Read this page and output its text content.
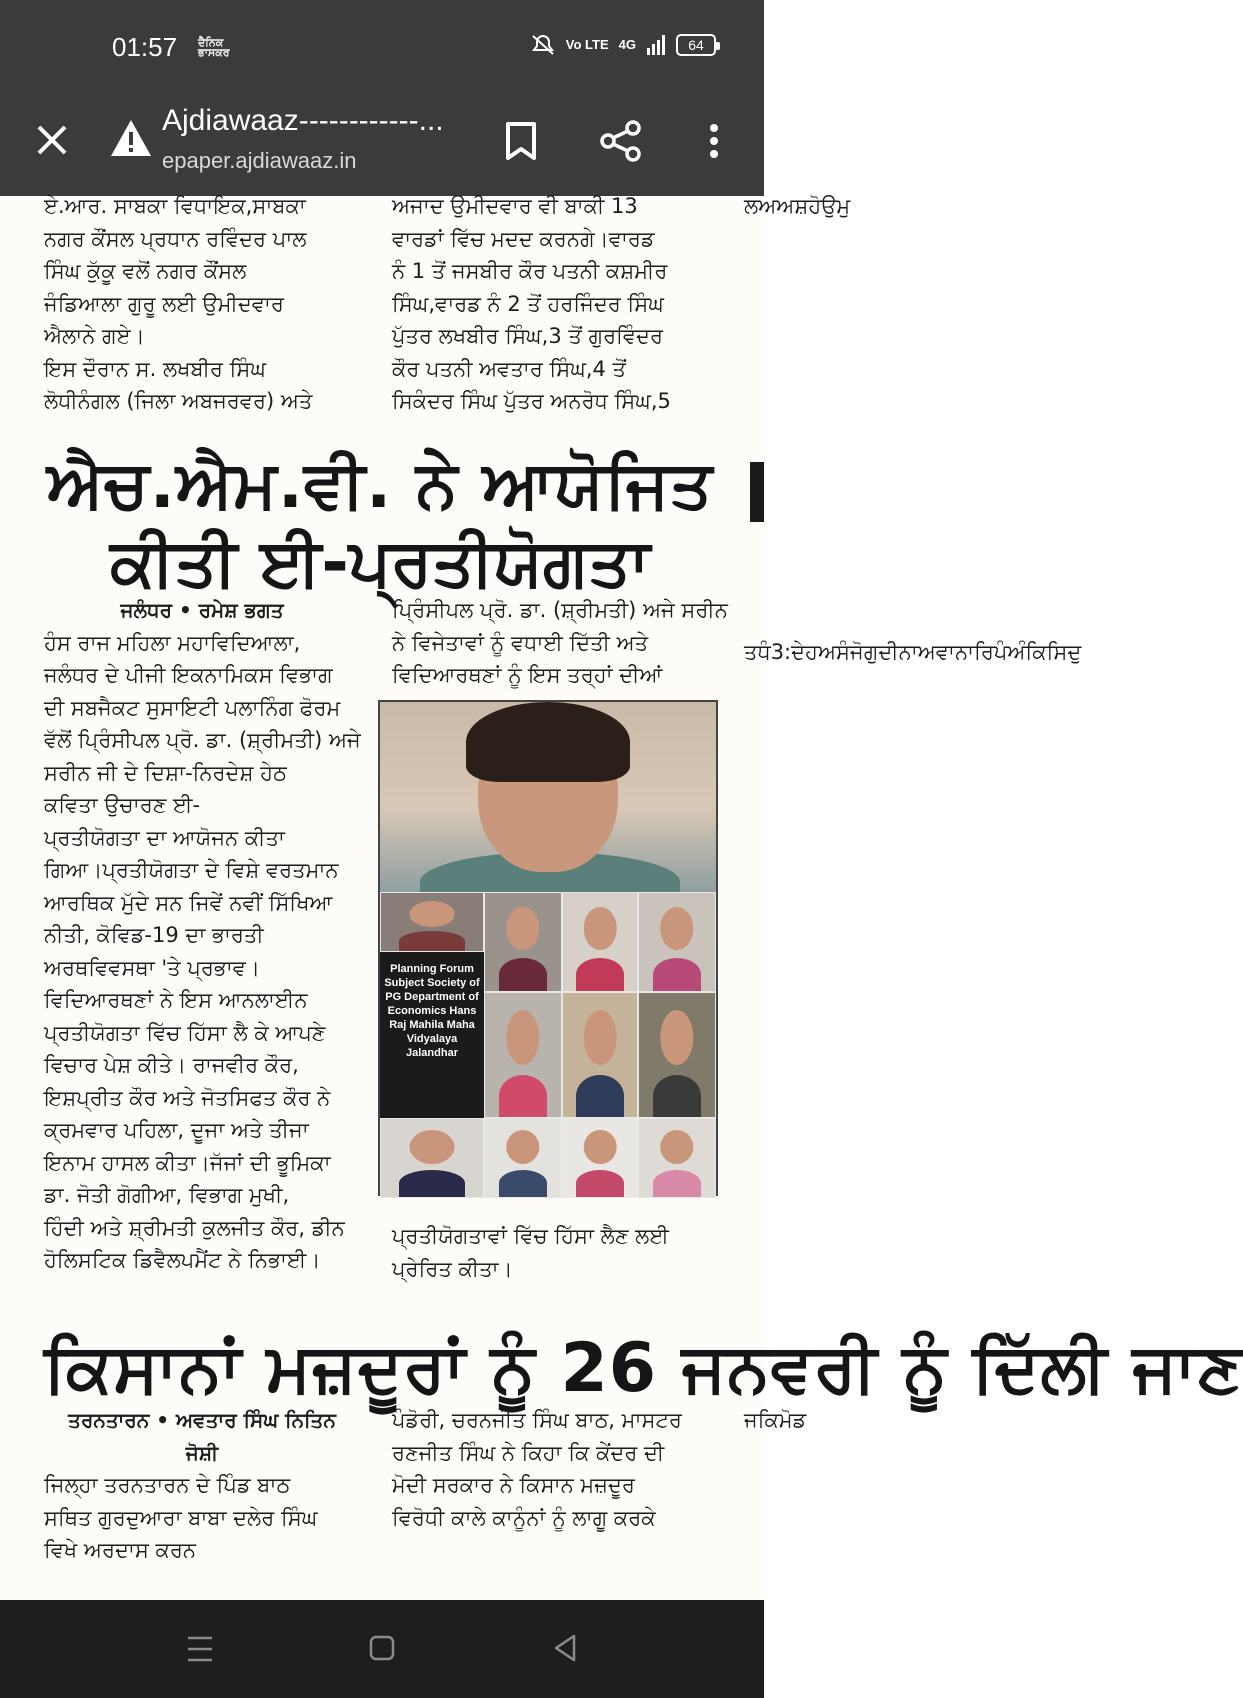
01:57 ਦੈਨਿਕ ਭਾਸਕਰ
Vo LTE 4G	64
Ajdiawaaz------------...
epaper.ajdiawaaz.in
ਏ.ਆਰ. ਸਾਬਕਾ ਵਿਧਾਇਕ,ਸਾਬਕਾ
ਨਗਰ ਕੌਂਸਲ ਪ੍ਰਧਾਨ ਰਵਿੰਦਰ ਪਾਲ
ਸਿੰਘ ਕੁੱਕੂ ਵਲੋਂ ਨਗਰ ਕੌਂਸਲ
ਜੰਡਿਆਲਾ ਗੁਰੂ ਲਈ ਉਮੀਦਵਾਰ
ਐਲਾਨੇ ਗਏ।
ਇਸ ਦੌਰਾਨ ਸ. ਲਖਬੀਰ ਸਿੰਘ
ਲੋਧੀਨੰਗਲ (ਜਿਲਾ ਅਬਜਰਵਰ) ਅਤੇ
ਅਜਾਦ ਉਮੀਦਵਾਰ ਵੀ ਬਾਕੀ 13
ਵਾਰਡਾਂ ਵਿੱਚ ਮਦਦ ਕਰਨਗੇ।ਵਾਰਡ
ਨੰ 1 ਤੋਂ ਜਸਬੀਰ ਕੌਰ ਪਤਨੀ ਕਸ਼ਮੀਰ
ਸਿੰਘ,ਵਾਰਡ ਨੰ 2 ਤੋਂ ਹਰਜਿੰਦਰ ਸਿੰਘ
ਪੁੱਤਰ ਲਖਬੀਰ ਸਿੰਘ,3 ਤੋਂ ਗੁਰਵਿੰਦਰ
ਕੌਰ ਪਤਨੀ ਅਵਤਾਰ ਸਿੰਘ,4 ਤੋਂ
ਸਿਕੰਦਰ ਸਿੰਘ ਪੁੱਤਰ ਅਨਰੋਧ ਸਿੰਘ,5
ਲਅਅਸ਼ਹੋਉਮੁ
ਐਚ.ਐਮ.ਵੀ. ਨੇ ਆਯੋਜਿਤ
ਕੀਤੀ ਈ-ਪ੍ਰਤੀਯੋਗਤਾ
ਜਲੰਧਰ • ਰਮੇਸ਼ ਭਗਤ
ਹੰਸ ਰਾਜ ਮਹਿਲਾ ਮਹਾਵਿਦਿਆਲਾ,
ਜਲੰਧਰ ਦੇ ਪੀਜੀ ਇਕਨਾਮਿਕਸ ਵਿਭਾਗ
ਦੀ ਸਬਜੈਕਟ ਸੁਸਾਇਟੀ ਪਲਾਨਿੰਗ ਫੋਰਮ
ਵੱਲੋਂ ਪ੍ਰਿੰਸੀਪਲ ਪ੍ਰੋ. ਡਾ. (ਸ਼੍ਰੀਮਤੀ) ਅਜੇ
ਸਰੀਨ ਜੀ ਦੇ ਦਿਸ਼ਾ-ਨਿਰਦੇਸ਼ ਹੇਠ
ਕਵਿਤਾ ਉਚਾਰਣ ਈ-
ਪ੍ਰਤੀਯੋਗਤਾ ਦਾ ਆਯੋਜਨ ਕੀਤਾ
ਗਿਆ।ਪ੍ਰਤੀਯੋਗਤਾ ਦੇ ਵਿਸ਼ੇ ਵਰਤਮਾਨ
ਆਰਥਿਕ ਮੁੱਦੇ ਸਨ ਜਿਵੇਂ ਨਵੀਂ ਸਿੱਖਿਆ
ਨੀਤੀ, ਕੋਵਿਡ-19 ਦਾ ਭਾਰਤੀ
ਅਰਥਵਿਵਸਥਾ 'ਤੇ ਪ੍ਰਭਾਵ।
ਵਿਦਿਆਰਥਣਾਂ ਨੇ ਇਸ ਆਨਲਾਈਨ
ਪ੍ਰਤੀਯੋਗਤਾ ਵਿੱਚ ਹਿੱਸਾ ਲੈ ਕੇ ਆਪਣੇ
ਵਿਚਾਰ ਪੇਸ਼ ਕੀਤੇ। ਰਾਜਵੀਰ ਕੌਰ,
ਇਸ਼ਪ੍ਰੀਤ ਕੌਰ ਅਤੇ ਜੋਤਸਿਫਤ ਕੌਰ ਨੇ
ਕ੍ਰਮਵਾਰ ਪਹਿਲਾ, ਦੂਜਾ ਅਤੇ ਤੀਜਾ
ਇਨਾਮ ਹਾਸਲ ਕੀਤਾ।ਜੱਜਾਂ ਦੀ ਭੂਮਿਕਾ
ਡਾ. ਜੋਤੀ ਗੋਗੀਆ, ਵਿਭਾਗ ਮੁਖੀ,
ਹਿੰਦੀ ਅਤੇ ਸ਼੍ਰੀਮਤੀ ਕੁਲਜੀਤ ਕੌਰ, ਡੀਨ
ਹੋਲਿਸਟਿਕ ਡਿਵੈਲਪਮੈਂਟ ਨੇ ਨਿਭਾਈ।
ਪ੍ਰਿੰਸੀਪਲ ਪ੍ਰੋ. ਡਾ. (ਸ਼੍ਰੀਮਤੀ) ਅਜੇ ਸਰੀਨ
ਨੇ ਵਿਜੇਤਾਵਾਂ ਨੂੰ ਵਧਾਈ ਦਿੱਤੀ ਅਤੇ
ਵਿਦਿਆਰਥਣਾਂ ਨੂੰ ਇਸ ਤਰ੍ਹਾਂ ਦੀਆਂ
ਪ੍ਰਤੀਯੋਗਤਾਵਾਂ ਵਿੱਚ ਹਿੱਸਾ ਲੈਣ ਲਈ
ਪ੍ਰੇਰਿਤ ਕੀਤਾ।
ਤਧੰ3:ਦੇਹਅਸੰਜੋਗੁਦੀਨਾਅਵਾਨਾਰਿਪੰਅੰਕਿਸਿਦੁ
Planning Forum Subject Society of PG Department of Economics Hans Raj Mahila Maha Vidyalaya Jalandhar
ਕਿਸਾਨਾਂ ਮਜ਼ਦੂਰਾਂ ਨੂੰ 26 ਜਨਵਰੀ ਨੂੰ ਦਿੱਲੀ ਜਾਣ
ਤਰਨਤਾਰਨ • ਅਵਤਾਰ ਸਿੰਘ ਨਿਤਿਨ
ਜੋਸ਼ੀ
ਜਿਲ੍ਹਾ ਤਰਨਤਾਰਨ ਦੇ ਪਿੰਡ ਬਾਠ
ਸਥਿਤ ਗੁਰਦੁਆਰਾ ਬਾਬਾ ਦਲੇਰ ਸਿੰਘ
ਵਿਖੇ ਅਰਦਾਸ ਕਰਨ
ਪੰਡੋਰੀ, ਚਰਨਜੀਤ ਸਿੰਘ ਬਾਠ, ਮਾਸਟਰ
ਰਣਜੀਤ ਸਿੰਘ ਨੇ ਕਿਹਾ ਕਿ ਕੇਂਦਰ ਦੀ
ਮੋਦੀ ਸਰਕਾਰ ਨੇ ਕਿਸਾਨ ਮਜ਼ਦੂਰ
ਵਿਰੋਧੀ ਕਾਲੇ ਕਾਨੂੰਨਾਂ ਨੂੰ ਲਾਗੂ ਕਰਕੇ
ਜਕਿਮੋਡ
